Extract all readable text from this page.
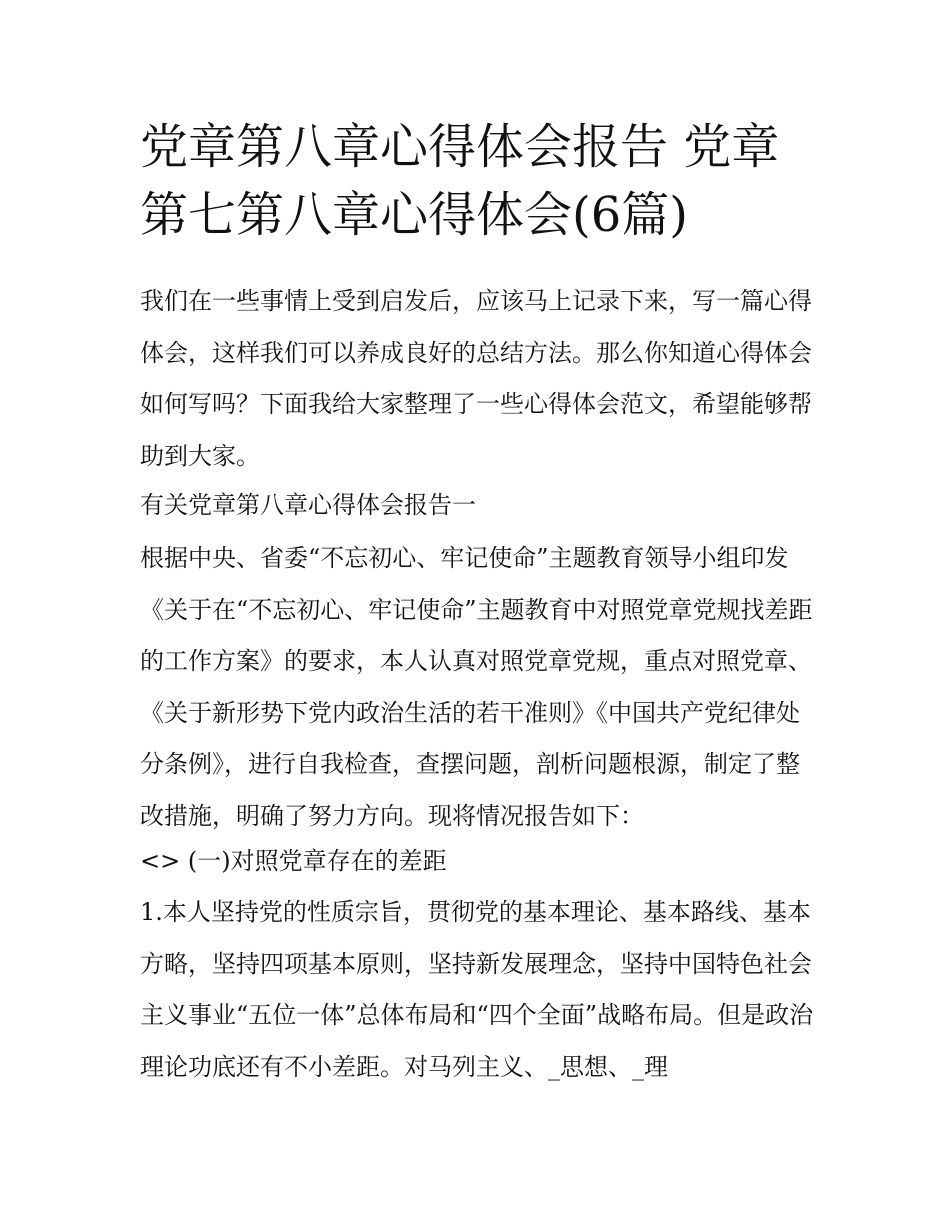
党章第八章心得体会报告 党章第七第八章心得体会(6篇)

我们在一些事情上受到启发后，应该马上记录下来，写一篇心得体会，这样我们可以养成良好的总结方法。那么你知道心得体会如何写吗？下面我给大家整理了一些心得体会范文，希望能够帮助到大家。

有关党章第八章心得体会报告一

根据中央、省委“不忘初心、牢记使命”主题教育领导小组印发《关于在“不忘初心、牢记使命”主题教育中对照党章党规找差距的工作方案》的要求，本人认真对照党章党规，重点对照党章、《关于新形势下党内政治生活的若干准则》《中国共产党纪律处分条例》，进行自我检查，查摆问题，剖析问题根源，制定了整改措施，明确了努力方向。现将情况报告如下：

<> (一)对照党章存在的差距

1.本人坚持党的性质宗旨，贯彻党的基本理论、基本路线、基本方略，坚持四项基本原则，坚持新发展理念，坚持中国特色社会主义事业“五位一体”总体布局和“四个全面”战略布局。但是政治理论功底还有不小差距。对马列主义、_思想、_理
